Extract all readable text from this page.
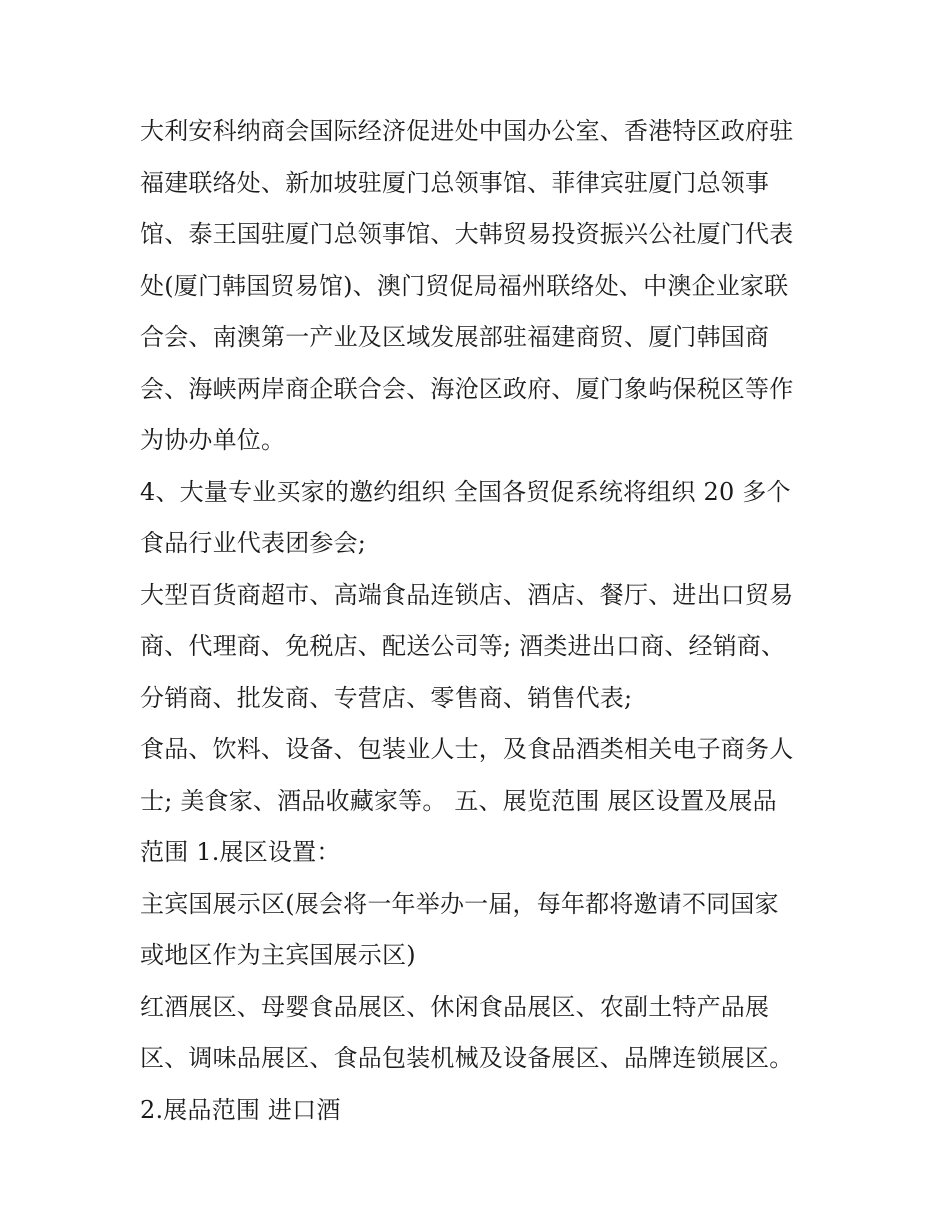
大利安科纳商会国际经济促进处中国办公室、香港特区政府驻
福建联络处、新加坡驻厦门总领事馆、菲律宾驻厦门总领事
馆、泰王国驻厦门总领事馆、大韩贸易投资振兴公社厦门代表
处(厦门韩国贸易馆)、澳门贸促局福州联络处、中澳企业家联
合会、南澳第一产业及区域发展部驻福建商贸、厦门韩国商
会、海峡两岸商企联合会、海沧区政府、厦门象屿保税区等作
为协办单位。
4、大量专业买家的邀约组织 全国各贸促系统将组织 20 多个
食品行业代表团参会;
大型百货商超市、高端食品连锁店、酒店、餐厅、进出口贸易
商、代理商、免税店、配送公司等; 酒类进出口商、经销商、
分销商、批发商、专营店、零售商、销售代表;
食品、饮料、设备、包装业人士，及食品酒类相关电子商务人
士; 美食家、酒品收藏家等。 五、展览范围 展区设置及展品
范围 1.展区设置：
主宾国展示区(展会将一年举办一届，每年都将邀请不同国家
或地区作为主宾国展示区)
红酒展区、母婴食品展区、休闲食品展区、农副土特产品展
区、调味品展区、食品包装机械及设备展区、品牌连锁展区。
2.展品范围 进口酒
